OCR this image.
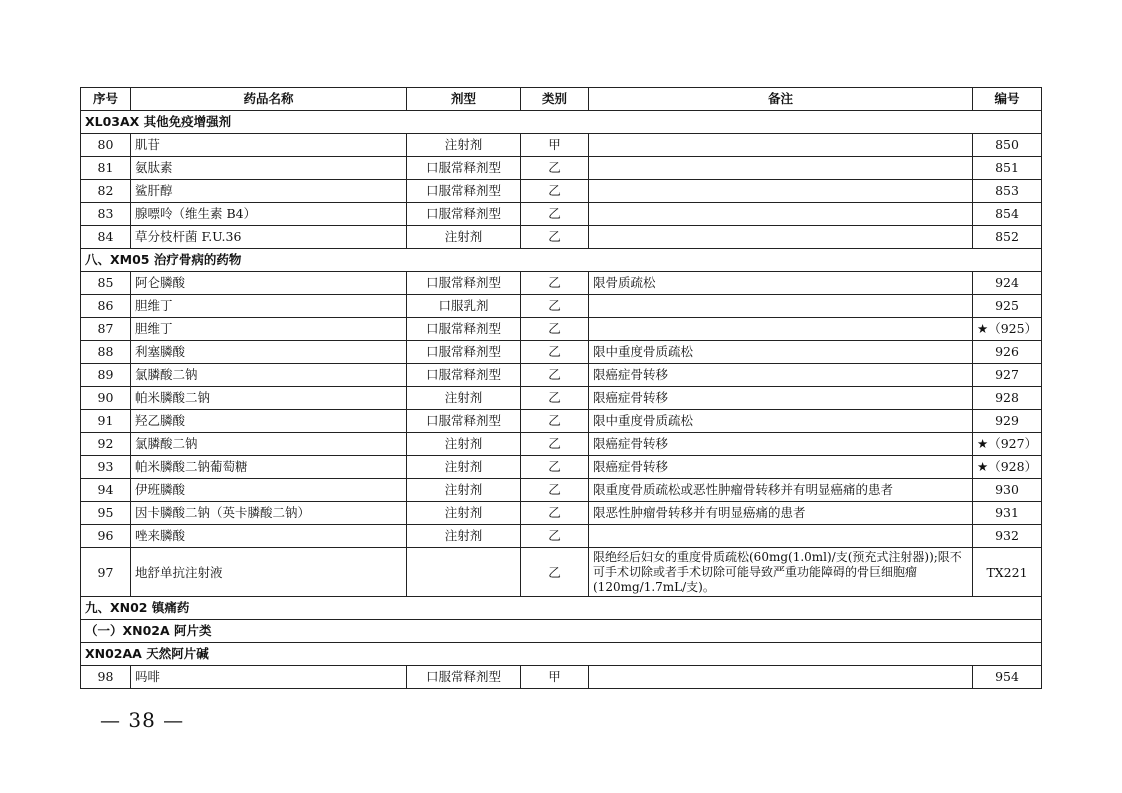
序号	药品名称	剂型	类别	备注	编号
XL03AX 其他免疫增强剂					
80	肌苷	注射剂	甲		850
81	氨肽素	口服常释剂型	乙		851
82	鲨肝醇	口服常释剂型	乙		853
83	腺嘌呤（维生素 B4）	口服常释剂型	乙		854
84	草分枝杆菌 F.U.36	注射剂	乙		852
八、XM05 治疗骨病的药物					
85	阿仑膦酸	口服常释剂型	乙	限骨质疏松	924
86	胆维丁	口服乳剂	乙		925
87	胆维丁	口服常释剂型	乙		★（925）
88	利塞膦酸	口服常释剂型	乙	限中重度骨质疏松	926
89	氯膦酸二钠	口服常释剂型	乙	限癌症骨转移	927
90	帕米膦酸二钠	注射剂	乙	限癌症骨转移	928
91	羟乙膦酸	口服常释剂型	乙	限中重度骨质疏松	929
92	氯膦酸二钠	注射剂	乙	限癌症骨转移	★（927）
93	帕米膦酸二钠葡萄糖	注射剂	乙	限癌症骨转移	★（928）
94	伊班膦酸	注射剂	乙	限重度骨质疏松或恶性肿瘤骨转移并有明显癌痛的患者	930
95	因卡膦酸二钠（英卡膦酸二钠）	注射剂	乙	限恶性肿瘤骨转移并有明显癌痛的患者	931
96	唑来膦酸	注射剂	乙		932
97	地舒单抗注射液		乙	限绝经后妇女的重度骨质疏松(60mg(1.0ml)/支(预充式注射器));限不可手术切除或者手术切除可能导致严重功能障碍的骨巨细胞瘤(120mg/1.7mL/支)。	TX221
九、XN02 镇痛药					
（一）XN02A 阿片类					
XN02AA 天然阿片碱					
98	吗啡	口服常释剂型	甲		954
— 38 —
